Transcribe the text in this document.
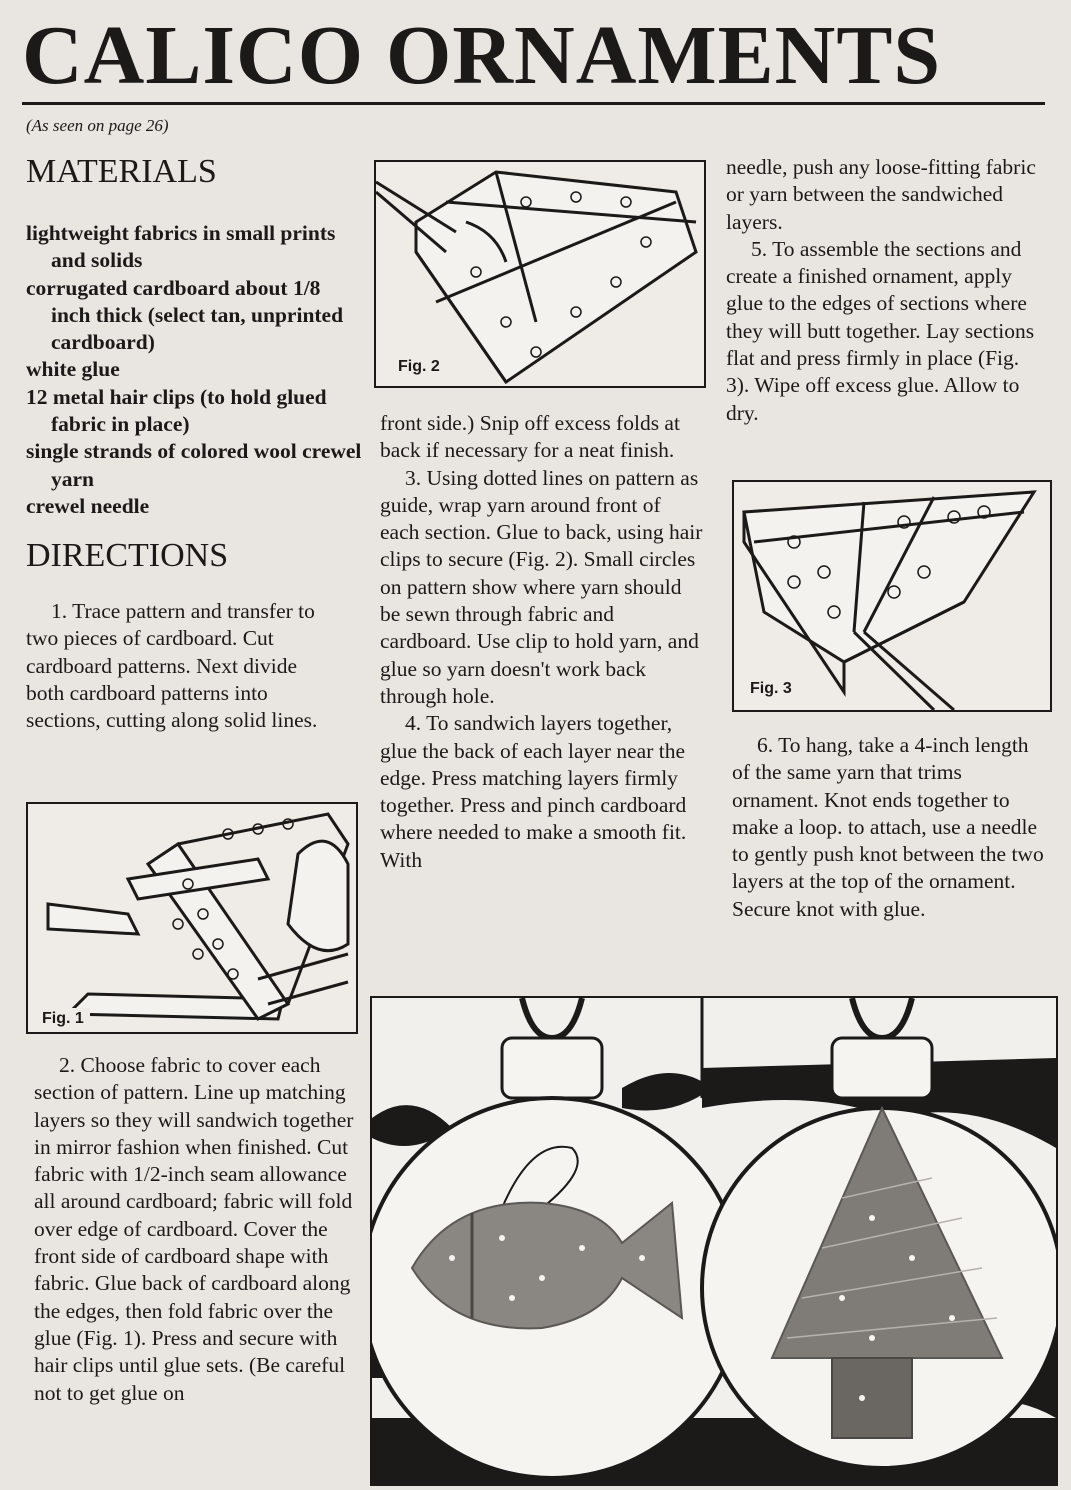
CALICO ORNAMENTS
(As seen on page 26)
MATERIALS

lightweight fabrics in small prints and solids

corrugated cardboard about 1/8 inch thick (select tan, unprinted cardboard)

white glue

12 metal hair clips (to hold glued fabric in place)

single strands of colored wool crewel yarn

crewel needle

DIRECTIONS

1. Trace pattern and transfer to two pieces of cardboard. Cut cardboard patterns. Next divide both cardboard patterns into sections, cutting along solid lines.

Fig. 1

2. Choose fabric to cover each section of pattern. Line up matching layers so they will sandwich together in mirror fashion when finished. Cut fabric with 1/2-inch seam allowance all around cardboard; fabric will fold over edge of cardboard. Cover the front side of cardboard shape with fabric. Glue back of cardboard along the edges, then fold fabric over the glue (Fig. 1). Press and secure with hair clips until glue sets. (Be careful not to get glue on

Fig. 2

front side.) Snip off excess folds at back if necessary for a neat finish.

3. Using dotted lines on pattern as guide, wrap yarn around front of each section. Glue to back, using hair clips to secure (Fig. 2). Small circles on pattern show where yarn should be sewn through fabric and cardboard. Use clip to hold yarn, and glue so yarn doesn't work back through hole.

4. To sandwich layers together, glue the back of each layer near the edge. Press matching layers firmly together. Press and pinch cardboard where needed to make a smooth fit. With

needle, push any loose-fitting fabric or yarn between the sandwiched layers.

5. To assemble the sections and create a finished ornament, apply glue to the edges of sections where they will butt together. Lay sections flat and press firmly in place (Fig. 3). Wipe off excess glue. Allow to dry.

Fig. 3

6. To hang, take a 4-inch length of the same yarn that trims ornament. Knot ends together to make a loop. to attach, use a needle to gently push knot between the two layers at the top of the ornament. Secure knot with glue.
